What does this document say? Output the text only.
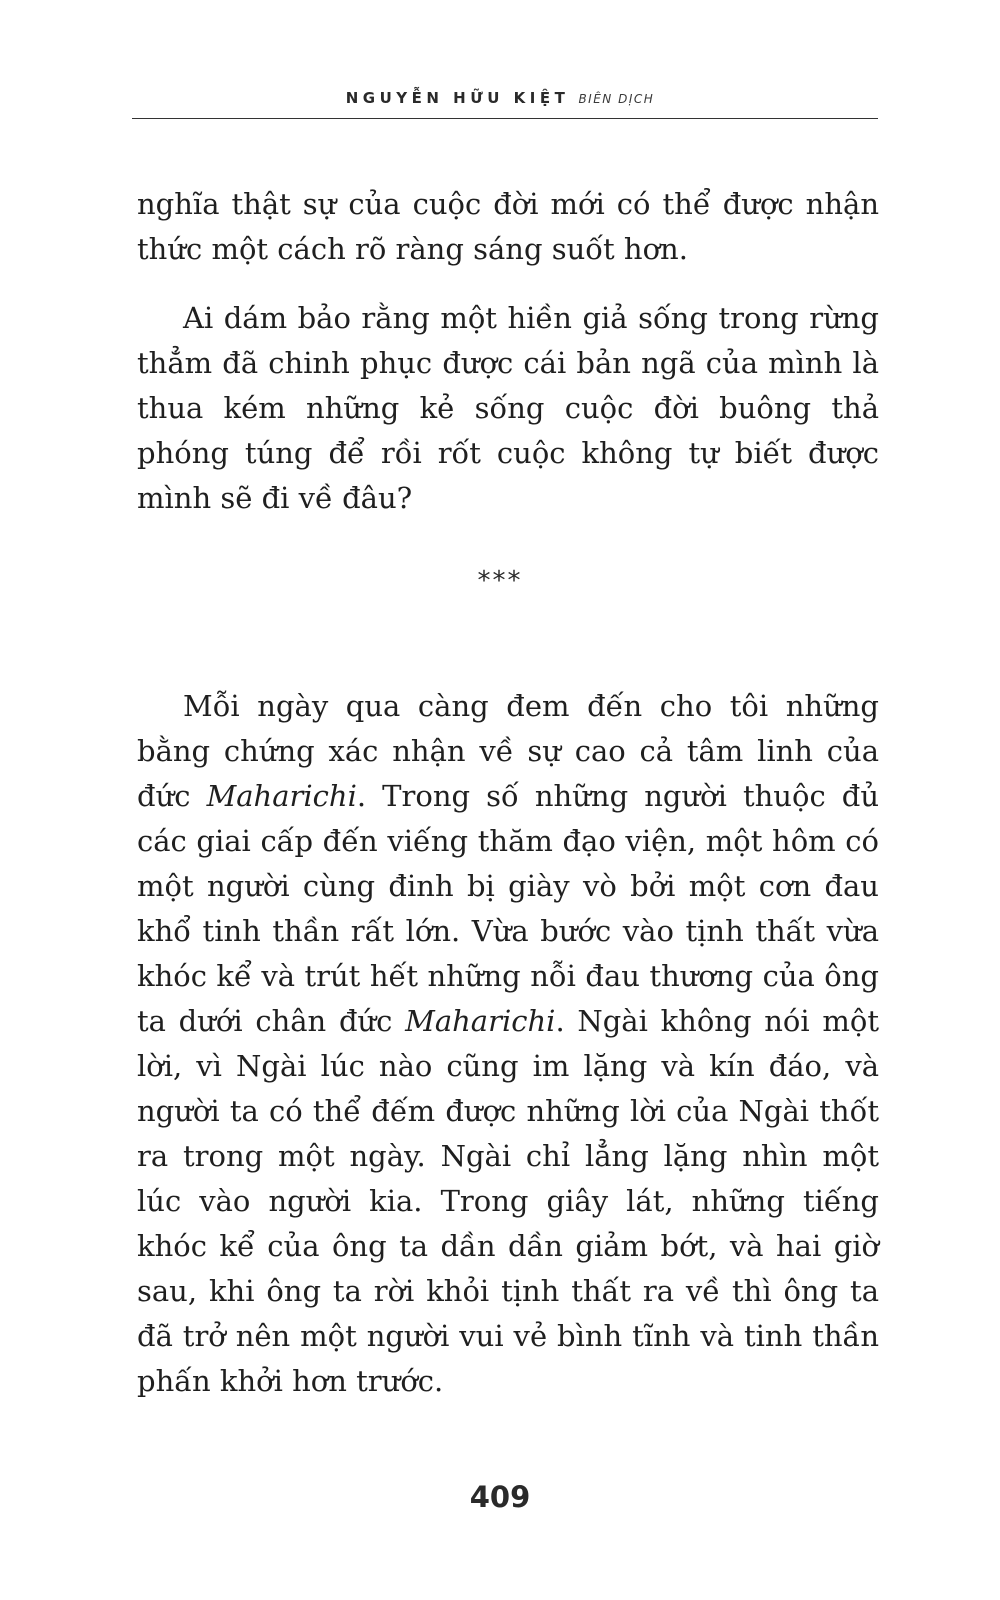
NGUYỄN HỮU KIỆT BIÊN DỊCH

nghĩa thật sự của cuộc đời mới có thể được nhận thức một cách rõ ràng sáng suốt hơn.

Ai dám bảo rằng một hiền giả sống trong rừng thẳm đã chinh phục được cái bản ngã của mình là thua kém những kẻ sống cuộc đời buông thả phóng túng để rồi rốt cuộc không tự biết được mình sẽ đi về đâu?

***

Mỗi ngày qua càng đem đến cho tôi những bằng chứng xác nhận về sự cao cả tâm linh của đức Maharichi. Trong số những người thuộc đủ các giai cấp đến viếng thăm đạo viện, một hôm có một người cùng đinh bị giày vò bởi một cơn đau khổ tinh thần rất lớn. Vừa bước vào tịnh thất vừa khóc kể và trút hết những nỗi đau thương của ông ta dưới chân đức Maharichi. Ngài không nói một lời, vì Ngài lúc nào cũng im lặng và kín đáo, và người ta có thể đếm được những lời của Ngài thốt ra trong một ngày. Ngài chỉ lẳng lặng nhìn một lúc vào người kia. Trong giây lát, những tiếng khóc kể của ông ta dần dần giảm bớt, và hai giờ sau, khi ông ta rời khỏi tịnh thất ra về thì ông ta đã trở nên một người vui vẻ bình tĩnh và tinh thần phấn khởi hơn trước.

409
